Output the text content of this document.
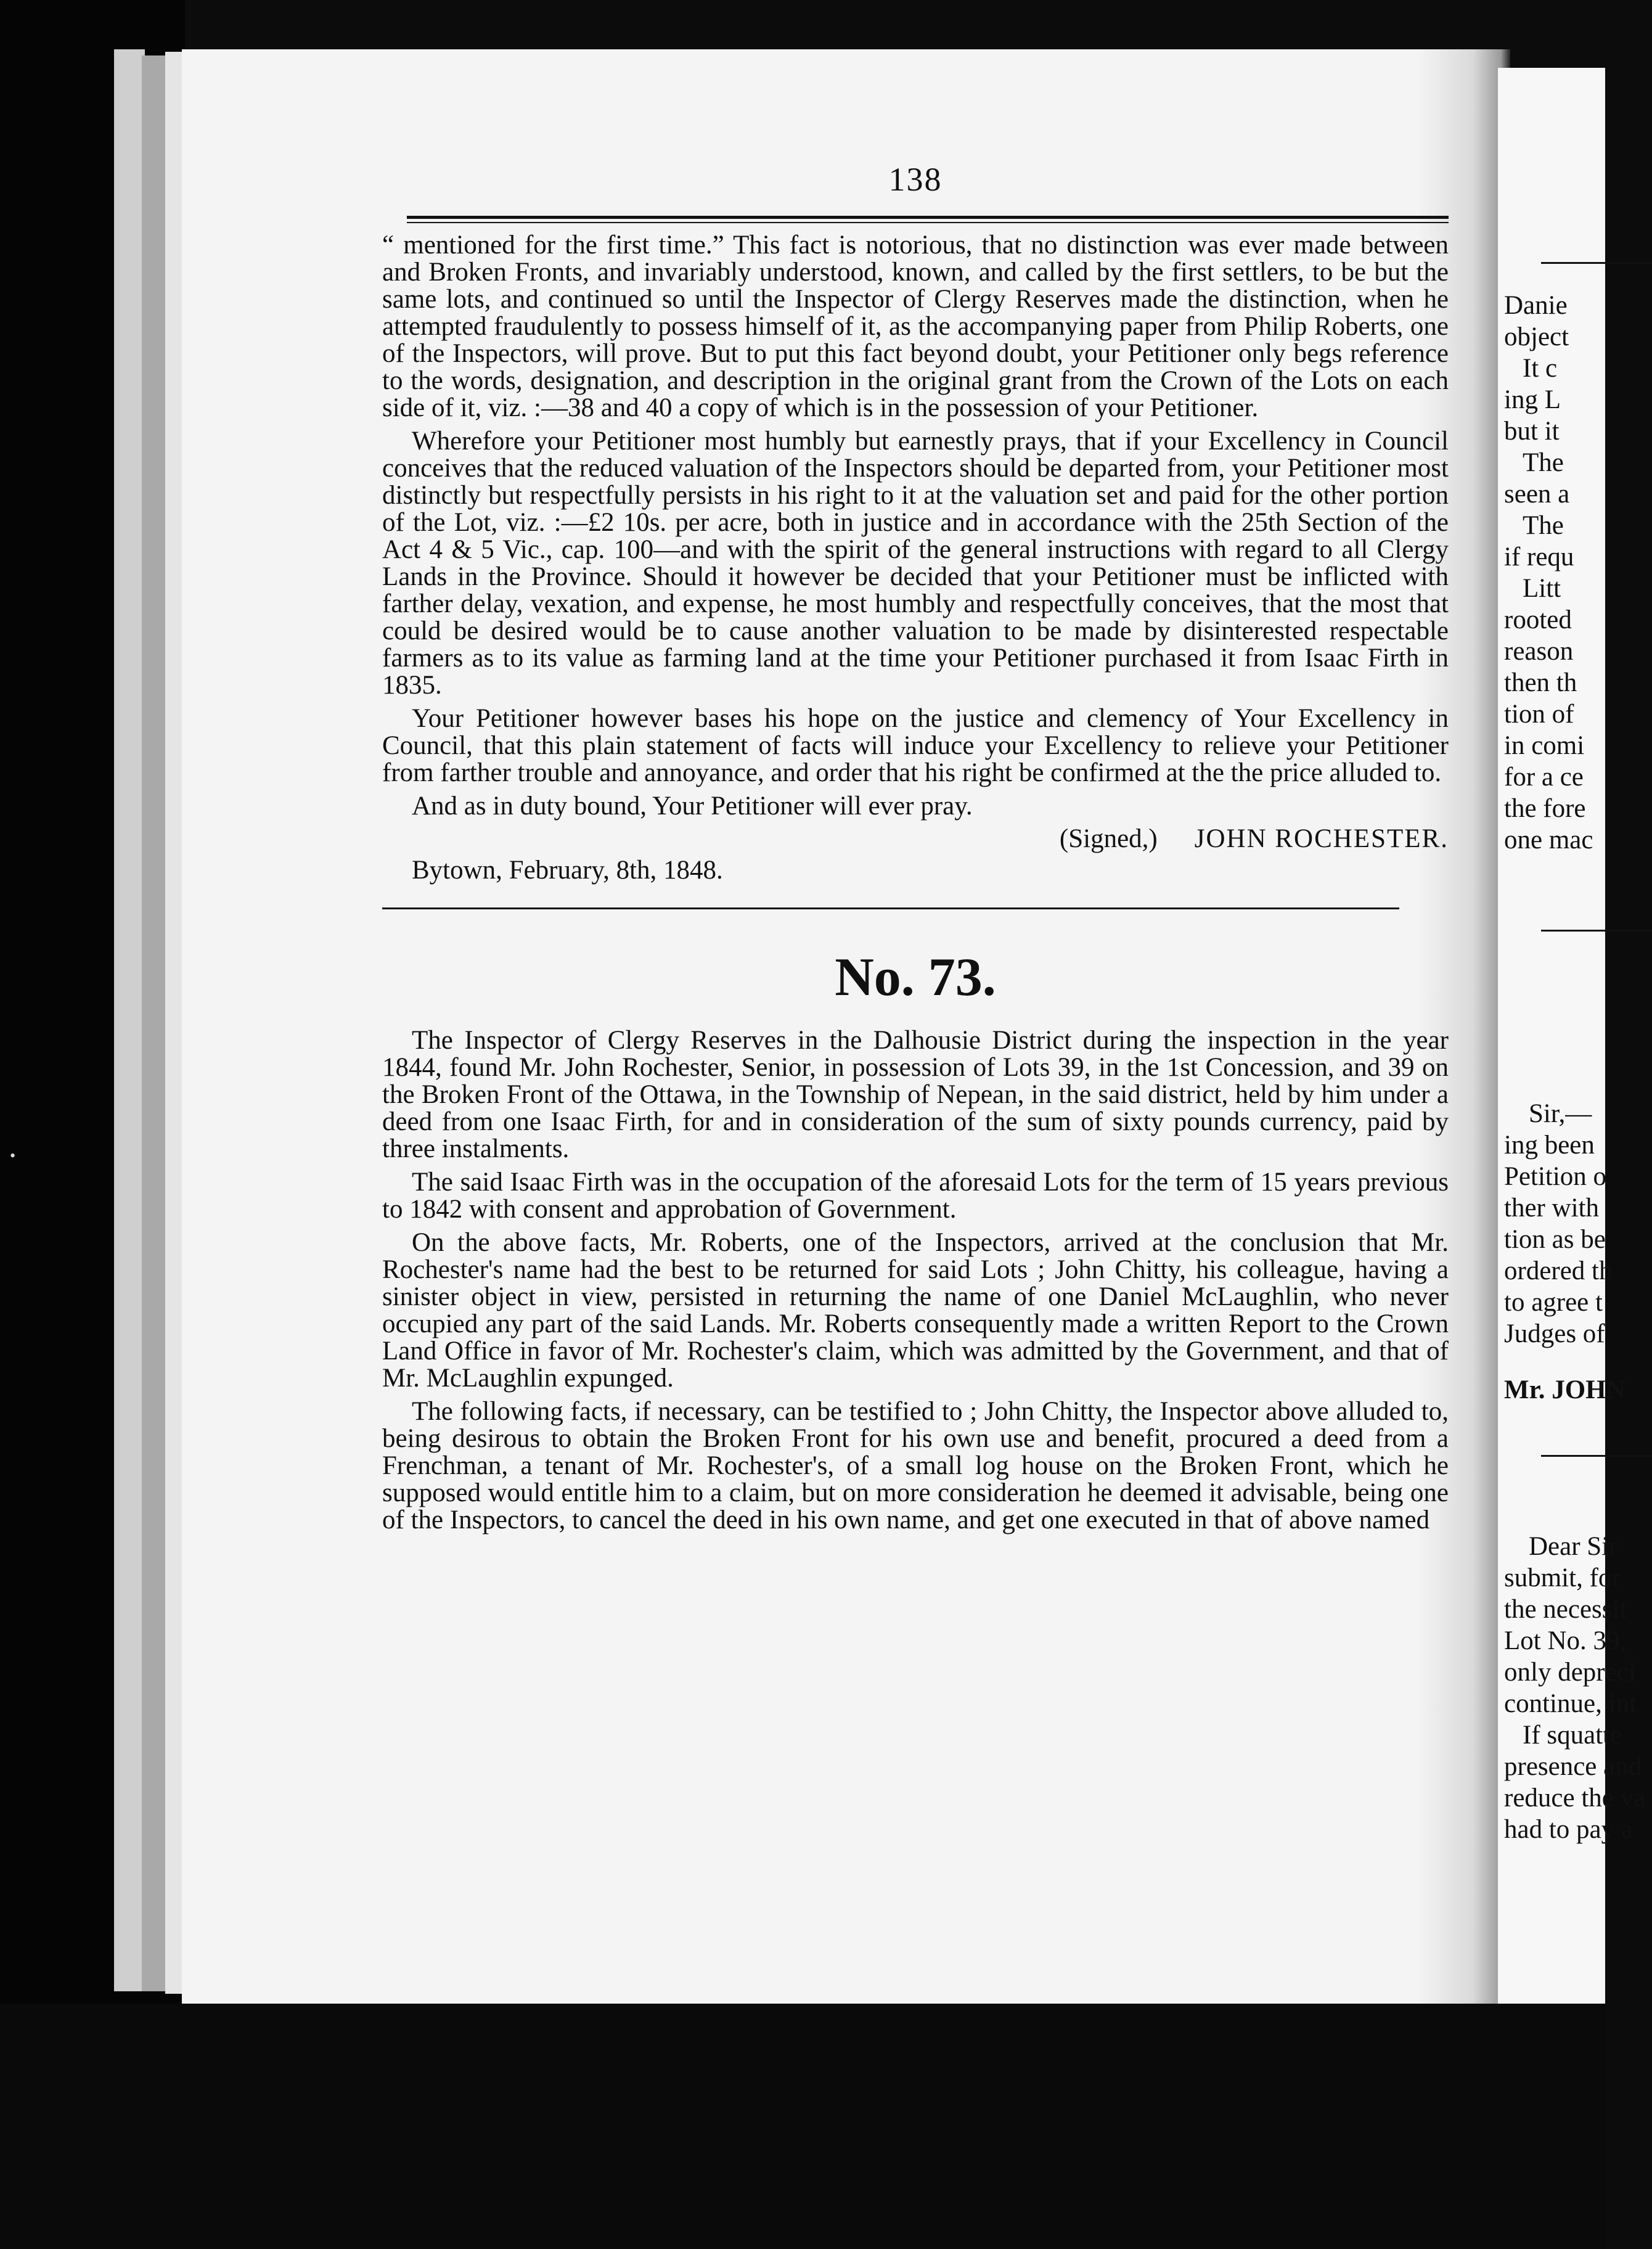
•
138

“ mentioned for the first time.” This fact is notorious, that no distinction was ever made between and Broken Fronts, and invariably understood, known, and called by the first settlers, to be but the same lots, and continued so until the Inspector of Clergy Reserves made the distinction, when he attempted fraudulently to possess himself of it, as the accompanying paper from Philip Roberts, one of the Inspectors, will prove. But to put this fact beyond doubt, your Petitioner only begs reference to the words, designation, and description in the original grant from the Crown of the Lots on each side of it, viz. :—38 and 40 a copy of which is in the possession of your Petitioner.

Wherefore your Petitioner most humbly but earnestly prays, that if your Excellency in Council conceives that the reduced valuation of the Inspectors should be departed from, your Petitioner most distinctly but respectfully persists in his right to it at the valuation set and paid for the other portion of the Lot, viz. :—£2 10s. per acre, both in justice and in accordance with the 25th Section of the Act 4 & 5 Vic., cap. 100—and with the spirit of the general instructions with regard to all Clergy Lands in the Province. Should it however be decided that your Petitioner must be inflicted with farther delay, vexation, and expense, he most humbly and respectfully conceives, that the most that could be desired would be to cause another valuation to be made by disinterested respectable farmers as to its value as farming land at the time your Petitioner purchased it from Isaac Firth in 1835.

Your Petitioner however bases his hope on the justice and clemency of Your Excellency in Council, that this plain statement of facts will induce your Excellency to relieve your Petitioner from farther trouble and annoyance, and order that his right be confirmed at the the price alluded to.

And as in duty bound, Your Petitioner will ever pray.

(Signed,) JOHN ROCHESTER.
Bytown, February, 8th, 1848.
No. 73.

The Inspector of Clergy Reserves in the Dalhousie District during the inspection in the year 1844, found Mr. John Rochester, Senior, in possession of Lots 39, in the 1st Concession, and 39 on the Broken Front of the Ottawa, in the Township of Nepean, in the said district, held by him under a deed from one Isaac Firth, for and in consideration of the sum of sixty pounds currency, paid by three instalments.

The said Isaac Firth was in the occupation of the aforesaid Lots for the term of 15 years previous to 1842 with consent and approbation of Government.

On the above facts, Mr. Roberts, one of the Inspectors, arrived at the conclusion that Mr. Rochester's name had the best to be returned for said Lots ; John Chitty, his colleague, having a sinister object in view, persisted in returning the name of one Daniel McLaughlin, who never occupied any part of the said Lands. Mr. Roberts consequently made a written Report to the Crown Land Office in favor of Mr. Rochester's claim, which was admitted by the Government, and that of Mr. McLaughlin expunged.

The following facts, if necessary, can be testified to ; John Chitty, the Inspector above alluded to, being desirous to obtain the Broken Front for his own use and benefit, procured a deed from a Frenchman, a tenant of Mr. Rochester's, of a small log house on the Broken Front, which he supposed would entitle him to a claim, but on more consideration he deemed it advisable, being one of the Inspectors, to cancel the deed in his own name, and get one executed in that of above named

Danie
object
It c
ing L
but it
The
seen a
The
if requ
Litt
rooted
reason
then th
tion of
in comi
for a ce
the fore
one mac
Sir,—
ing been
Petition o
ther with
tion as be
ordered th
to agree t
Judges of
Mr. JOHN
Dear Sir
submit, for
the necessit
Lot No. 39,
only depreci
continue, int
If squatte
presence and
reduce the va
had to pay a
